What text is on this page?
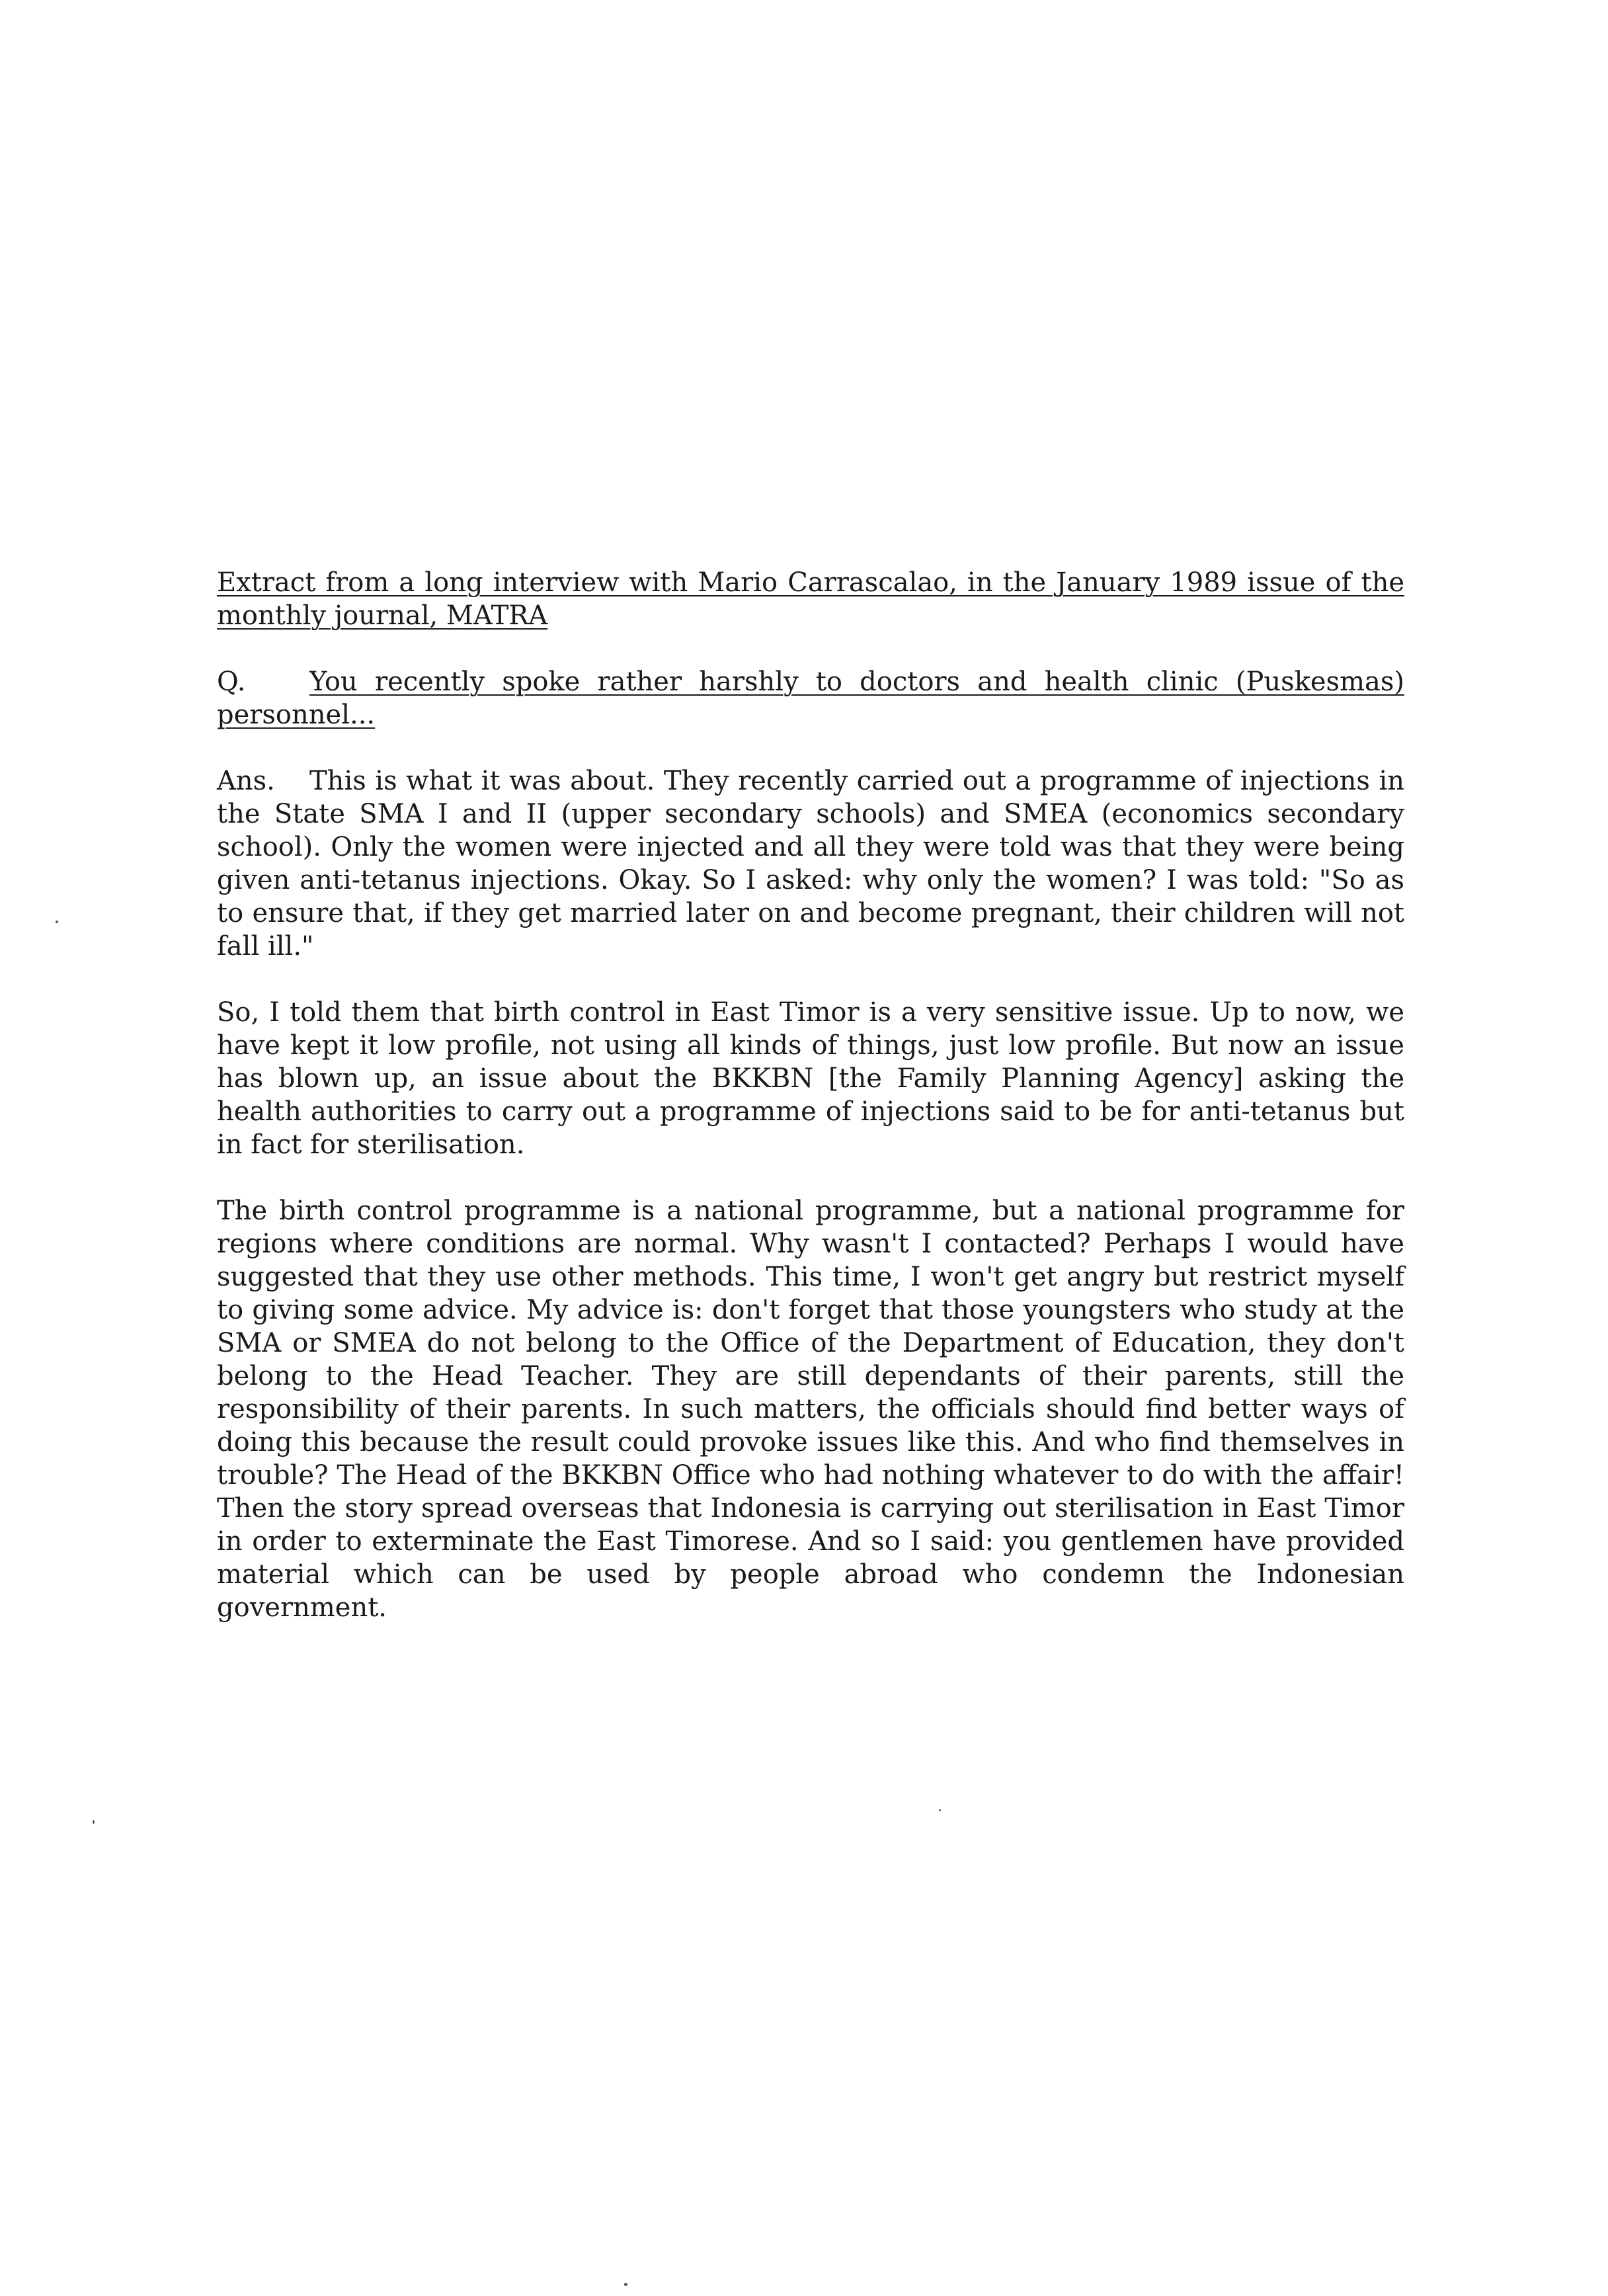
Extract from a long interview with Mario Carrascalao, in the January 1989 issue of the monthly journal, MATRA

Q. You recently spoke rather harshly to doctors and health clinic (Puskesmas) personnel...

Ans. This is what it was about. They recently carried out a programme of injections in the State SMA I and II (upper secondary schools) and SMEA (economics secondary school). Only the women were injected and all they were told was that they were being given anti-tetanus injections. Okay. So I asked: why only the women? I was told: "So as to ensure that, if they get married later on and become pregnant, their children will not fall ill."

So, I told them that birth control in East Timor is a very sensitive issue. Up to now, we have kept it low profile, not using all kinds of things, just low profile. But now an issue has blown up, an issue about the BKKBN [the Family Planning Agency] asking the health authorities to carry out a programme of injections said to be for anti-tetanus but in fact for sterilisation.

The birth control programme is a national programme, but a national programme for regions where conditions are normal. Why wasn't I contacted? Perhaps I would have suggested that they use other methods. This time, I won't get angry but restrict myself to giving some advice. My advice is: don't forget that those youngsters who study at the SMA or SMEA do not belong to the Office of the Department of Education, they don't belong to the Head Teacher. They are still dependants of their parents, still the responsibility of their parents. In such matters, the officials should find better ways of doing this because the result could provoke issues like this. And who find themselves in trouble? The Head of the BKKBN Office who had nothing whatever to do with the affair! Then the story spread overseas that Indonesia is carrying out sterilisation in East Timor in order to exterminate the East Timorese. And so I said: you gentlemen have provided material which can be used by people abroad who condemn the Indonesian government.
